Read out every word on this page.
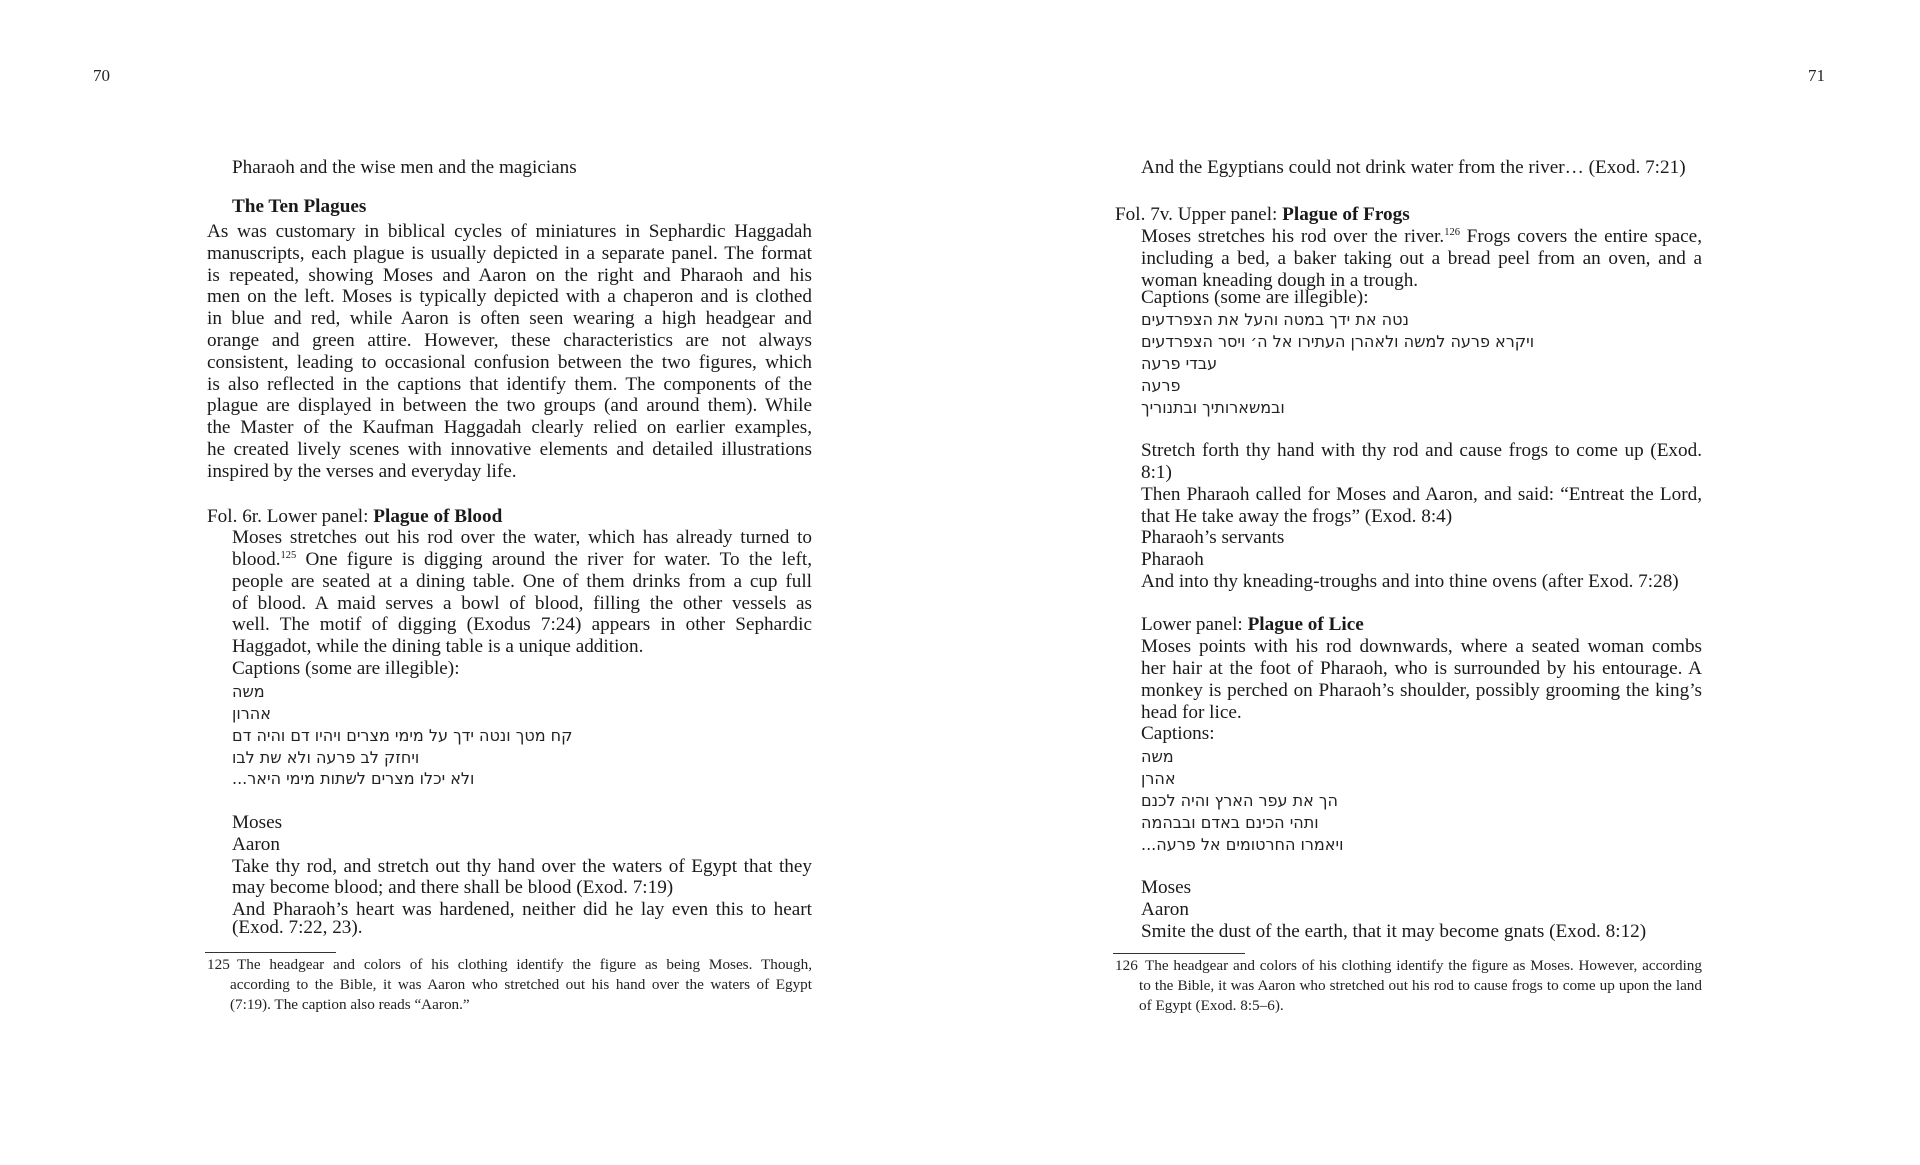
70
Pharaoh and the wise men and the magicians
The Ten Plagues
As was customary in biblical cycles of miniatures in Sephardic Haggadah
manuscripts, each plague is usually depicted in a separate panel. The format
is repeated, showing Moses and Aaron on the right and Pharaoh and his
men on the left. Moses is typically depicted with a chaperon and is clothed
in blue and red, while Aaron is often seen wearing a high headgear and
orange and green attire. However, these characteristics are not always
consistent, leading to occasional confusion between the two figures, which
is also reflected in the captions that identify them. The components of the
plague are displayed in between the two groups (and around them). While
the Master of the Kaufman Haggadah clearly relied on earlier examples,
he created lively scenes with innovative elements and detailed illustrations
inspired by the verses and everyday life.
Fol. 6r. Lower panel: Plague of Blood
Moses stretches out his rod over the water, which has already turned to
blood.$^{125}$ One figure is digging around the river for water. To the left,
people are seated at a dining table. One of them drinks from a cup full
of blood. A maid serves a bowl of blood, filling the other vessels as
well. The motif of digging (Exodus 7:24) appears in other Sephardic
Haggadot, while the dining table is a unique addition.
Captions (some are illegible):
משה
אהרון
קח מטך ונטה ידך על מימי מצרים ויהיו דם והיה דם
ויחזק לב פרעה ולא שת לבו
ולא יכלו מצרים לשתות מימי היאר...
Moses
Aaron
Take thy rod, and stretch out thy hand over the waters of Egypt that they
may become blood; and there shall be blood (Exod. 7:19)
And Pharaoh’s heart was hardened, neither did he lay even this to heart
(Exod. 7:22, 23).
125 The headgear and colors of his clothing identify the figure as being Moses. Though,
according to the Bible, it was Aaron who stretched out his hand over the waters of Egypt
(7:19). The caption also reads “Aaron.”
71
And the Egyptians could not drink water from the river… (Exod. 7:21)
Fol. 7v. Upper panel: Plague of Frogs
Moses stretches his rod over the river.$^{126}$ Frogs covers the entire space,
including a bed, a baker taking out a bread peel from an oven, and a
woman kneading dough in a trough.
Captions (some are illegible):
נטה את ידך במטה והעל את הצפרדעים
ויקרא פרעה למשה ולאהרן העתירו אל ה׳ ויסר הצפרדעים
עבדי פרעה
פרעה
ובמשארותיך ובתנוריך
Stretch forth thy hand with thy rod and cause frogs to come up (Exod.
8:1)
Then Pharaoh called for Moses and Aaron, and said: “Entreat the Lord,
that He take away the frogs” (Exod. 8:4)
Pharaoh’s servants
Pharaoh
And into thy kneading-troughs and into thine ovens (after Exod. 7:28)
Lower panel: Plague of Lice
Moses points with his rod downwards, where a seated woman combs
her hair at the foot of Pharaoh, who is surrounded by his entourage. A
monkey is perched on Pharaoh’s shoulder, possibly grooming the king’s
head for lice.
Captions:
משה
אהרן
הך את עפר הארץ והיה לכנם
ותהי הכינם באדם ובבהמה
ויאמרו החרטומים אל פרעה...
Moses
Aaron
Smite the dust of the earth, that it may become gnats (Exod. 8:12)
126 The headgear and colors of his clothing identify the figure as Moses. However, according
to the Bible, it was Aaron who stretched out his rod to cause frogs to come up upon the land
of Egypt (Exod. 8:5–6).
